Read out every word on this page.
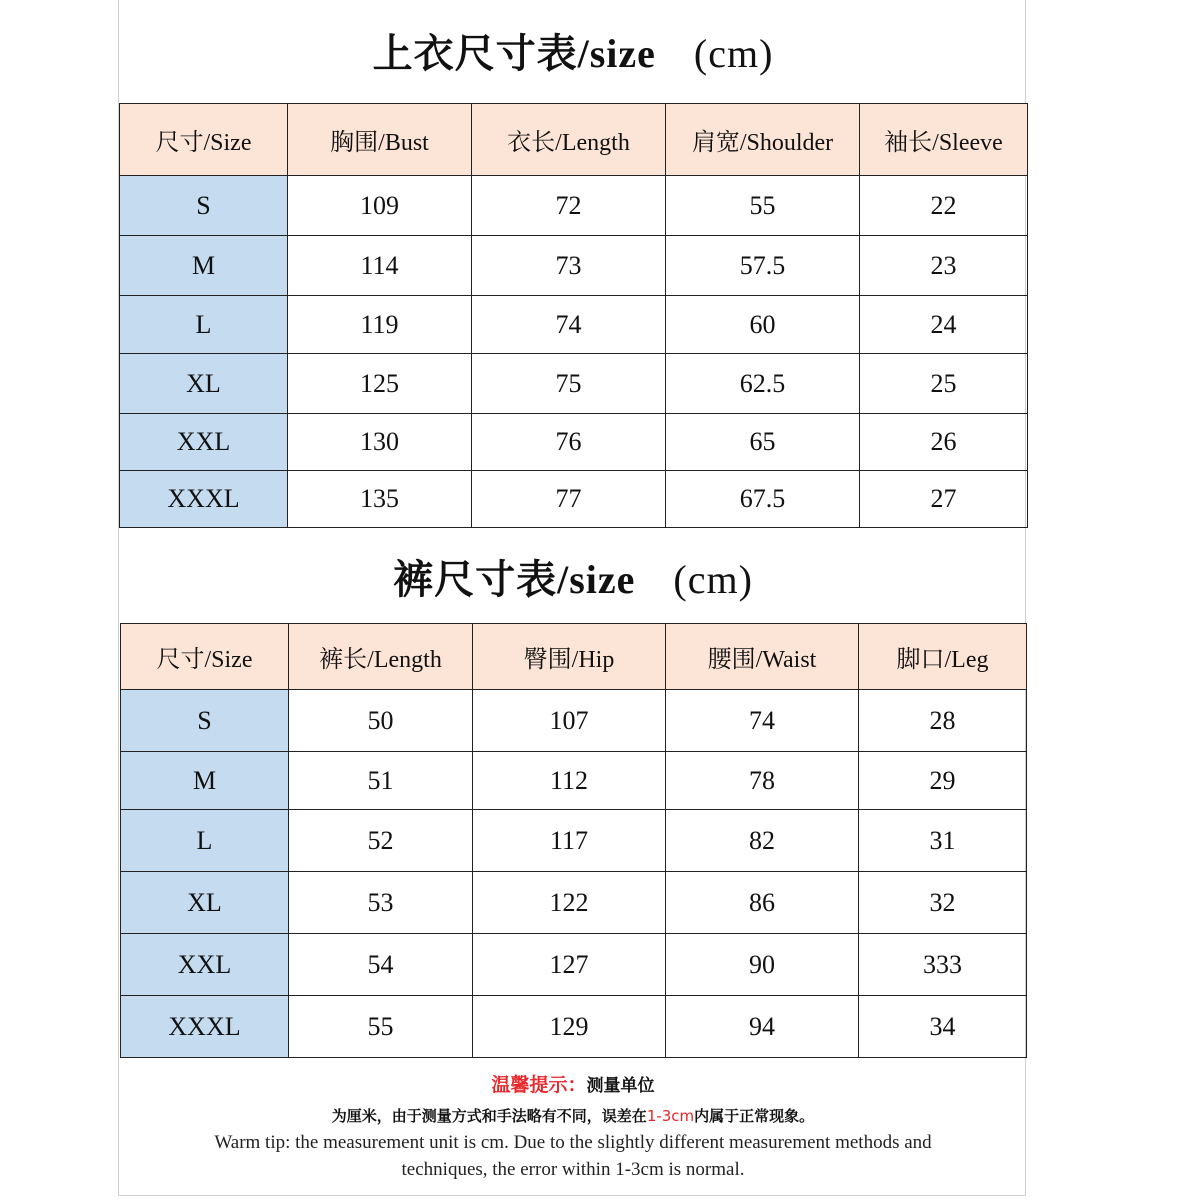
上衣尺寸表/size (cm)
尺寸/Size	胸围/Bust	衣长/Length	肩宽/Shoulder	袖长/Sleeve
S	109	72	55	22
M	114	73	57.5	23
L	119	74	60	24
XL	125	75	62.5	25
XXL	130	76	65	26
XXXL	135	77	67.5	27
裤尺寸表/size (cm)
尺寸/Size	裤长/Length	臀围/Hip	腰围/Waist	脚口/Leg
S	50	107	74	28
M	51	112	78	29
L	52	117	82	31
XL	53	122	86	32
XXL	54	127	90	333
XXXL	55	129	94	34
温馨提示：测量单位
为厘米，由于测量方式和手法略有不同，误差在1-3cm内属于正常现象。
Warm tip: the measurement unit is cm. Due to the slightly different measurement methods and
techniques, the error within 1-3cm is normal.
